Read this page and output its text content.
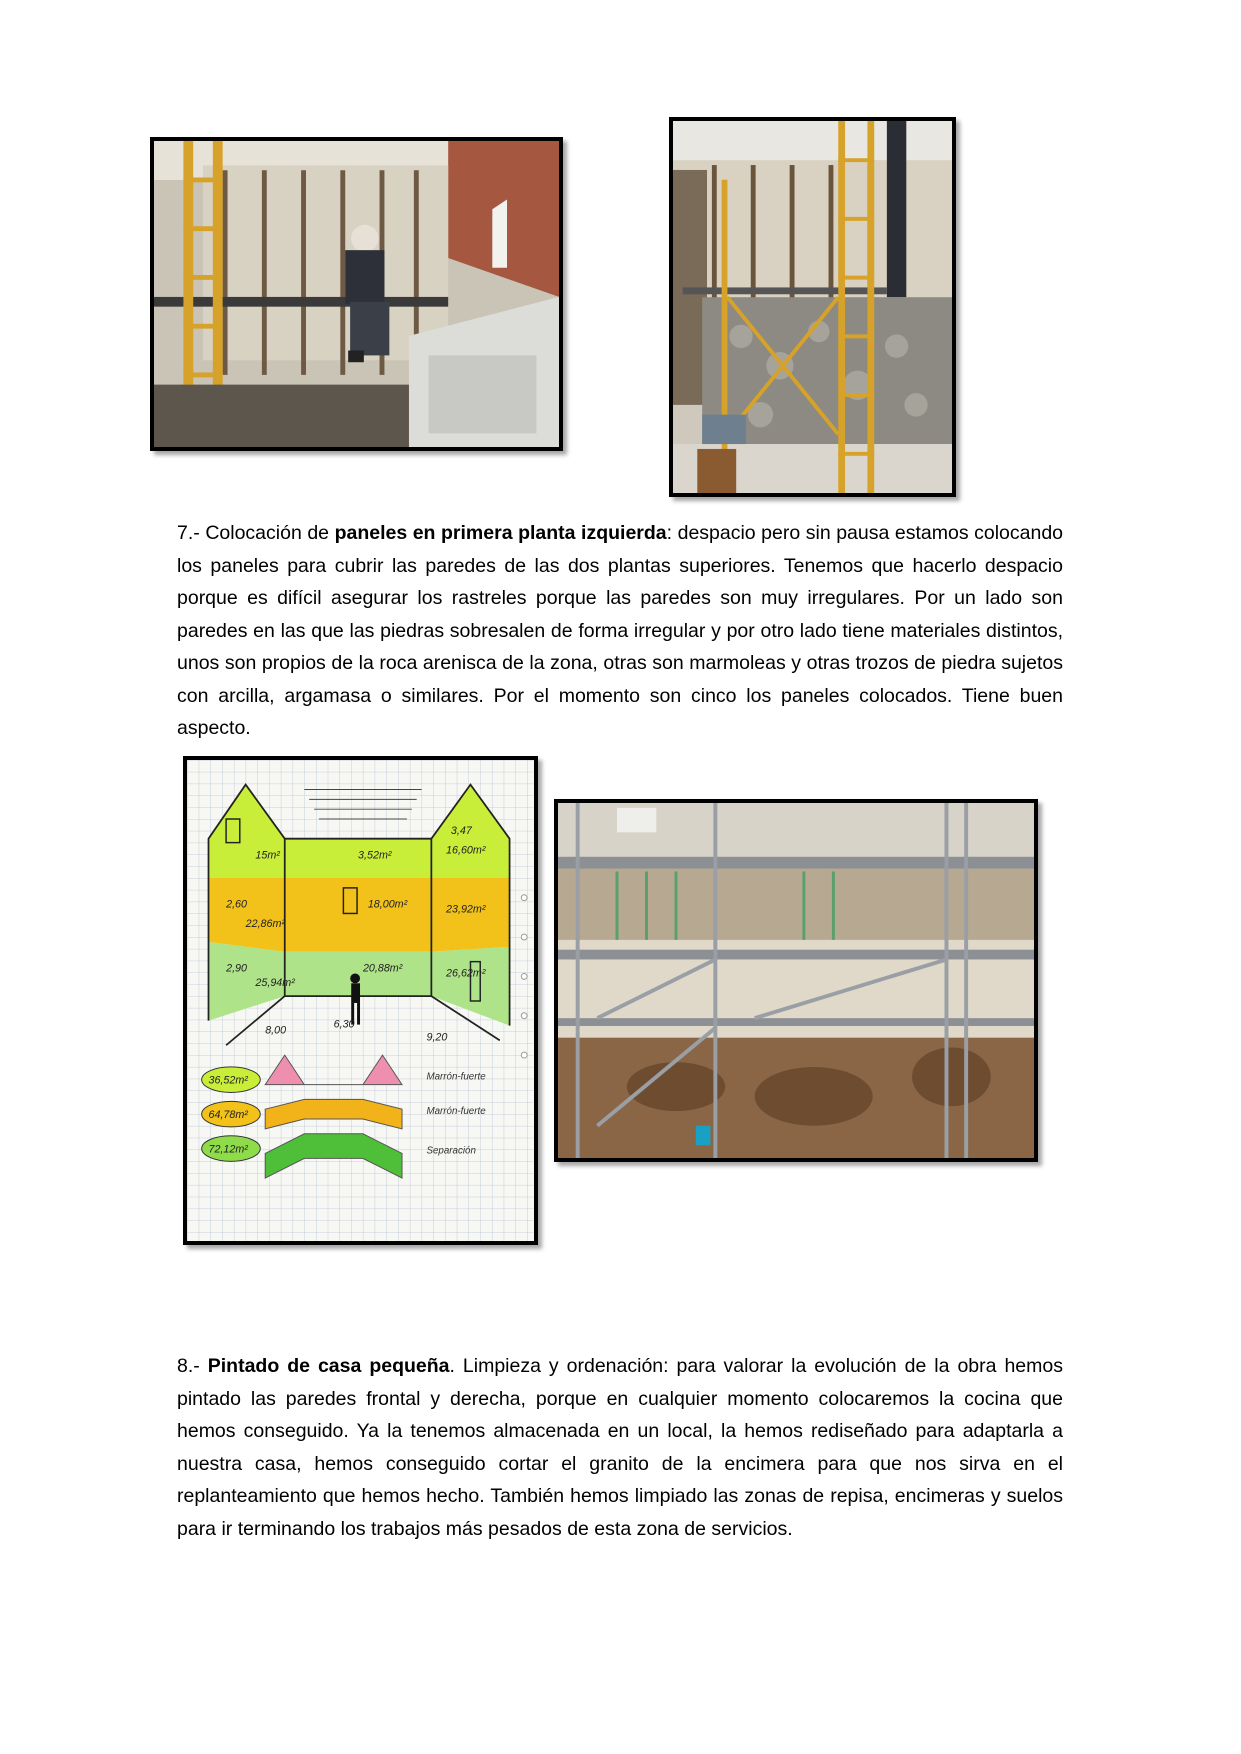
7.- Colocación de paneles en primera planta izquierda: despacio pero sin pausa estamos colocando los paneles para cubrir las paredes de las dos plantas superiores. Tenemos que hacerlo despacio porque es difícil asegurar los rastreles porque las paredes son muy irregulares. Por un lado son paredes en las que las piedras sobresalen de forma irregular y por otro lado tiene materiales distintos, unos son propios de la roca arenisca de la zona, otras son marmoleas y otras trozos de piedra sujetos con arcilla, argamasa o similares. Por el momento son cinco los paneles colocados. Tiene buen aspecto.

15m²	3,52m²
3,47
16,60m²
2,60
22,86m²
18,00m²	23,92m²
2,90
25,94m²
20,88m²	26,62m²
8,00	6,30
9,20
36,52m²
64,78m²
72,12m²
Marrón-fuerte
Marrón-fuerte
Separación

8.- Pintado de casa pequeña. Limpieza y ordenación: para valorar la evolución de la obra hemos pintado las paredes frontal y derecha, porque en cualquier momento colocaremos la cocina que hemos conseguido. Ya la tenemos almacenada en un local, la hemos rediseñado para adaptarla a nuestra casa, hemos conseguido cortar el granito de la encimera para que nos sirva en el replanteamiento que hemos hecho. También hemos limpiado las zonas de repisa, encimeras y suelos para ir terminando los trabajos más pesados de esta zona de servicios.
